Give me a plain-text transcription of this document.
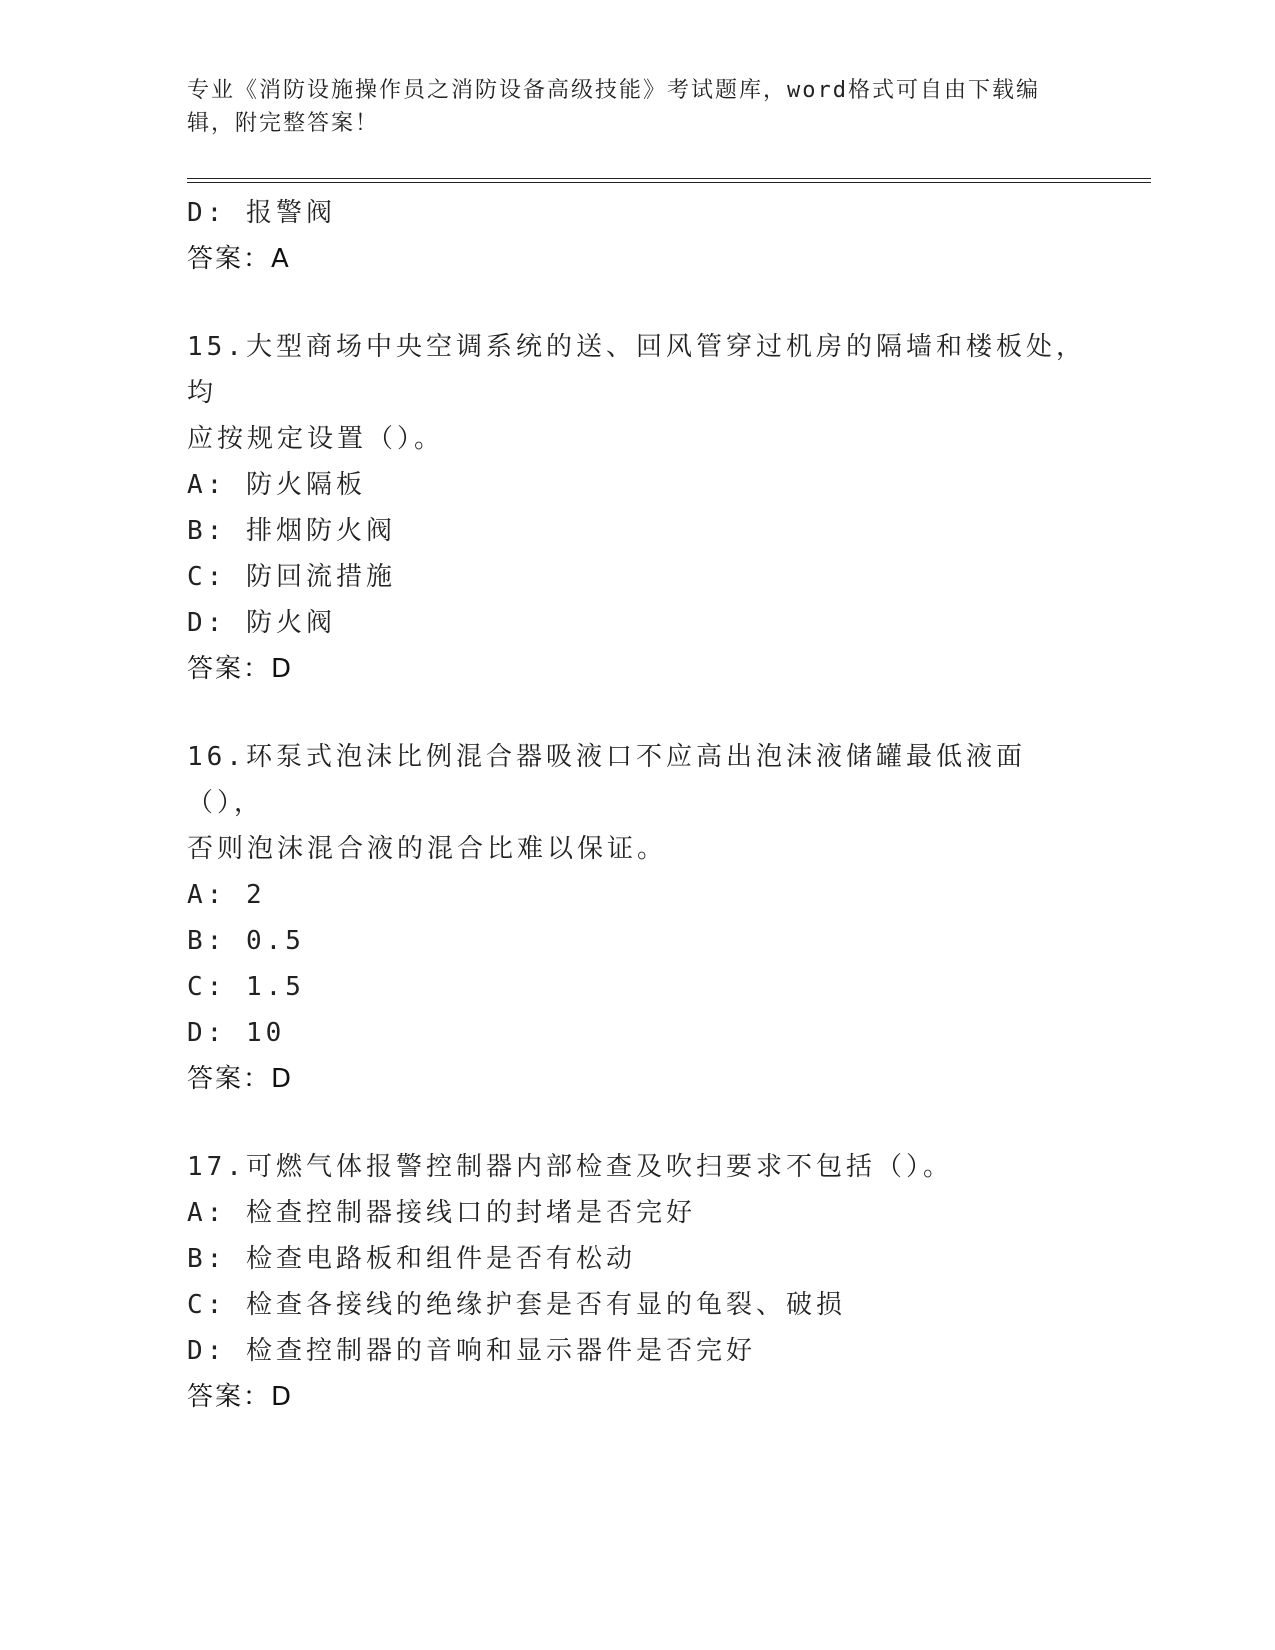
专业《消防设施操作员之消防设备高级技能》考试题库，word格式可自由下载编
辑，附完整答案！
D: 报警阀
答案：A
15.大型商场中央空调系统的送、回风管穿过机房的隔墙和楼板处，均
应按规定设置（）。
A: 防火隔板
B: 排烟防火阀
C: 防回流措施
D: 防火阀
答案：D
16.环泵式泡沫比例混合器吸液口不应高出泡沫液储罐最低液面（），
否则泡沫混合液的混合比难以保证。
A: 2
B: 0.5
C: 1.5
D: 10
答案：D
17.可燃气体报警控制器内部检查及吹扫要求不包括（）。
A: 检查控制器接线口的封堵是否完好
B: 检查电路板和组件是否有松动
C: 检查各接线的绝缘护套是否有显的龟裂、破损
D: 检查控制器的音响和显示器件是否完好
答案：D
